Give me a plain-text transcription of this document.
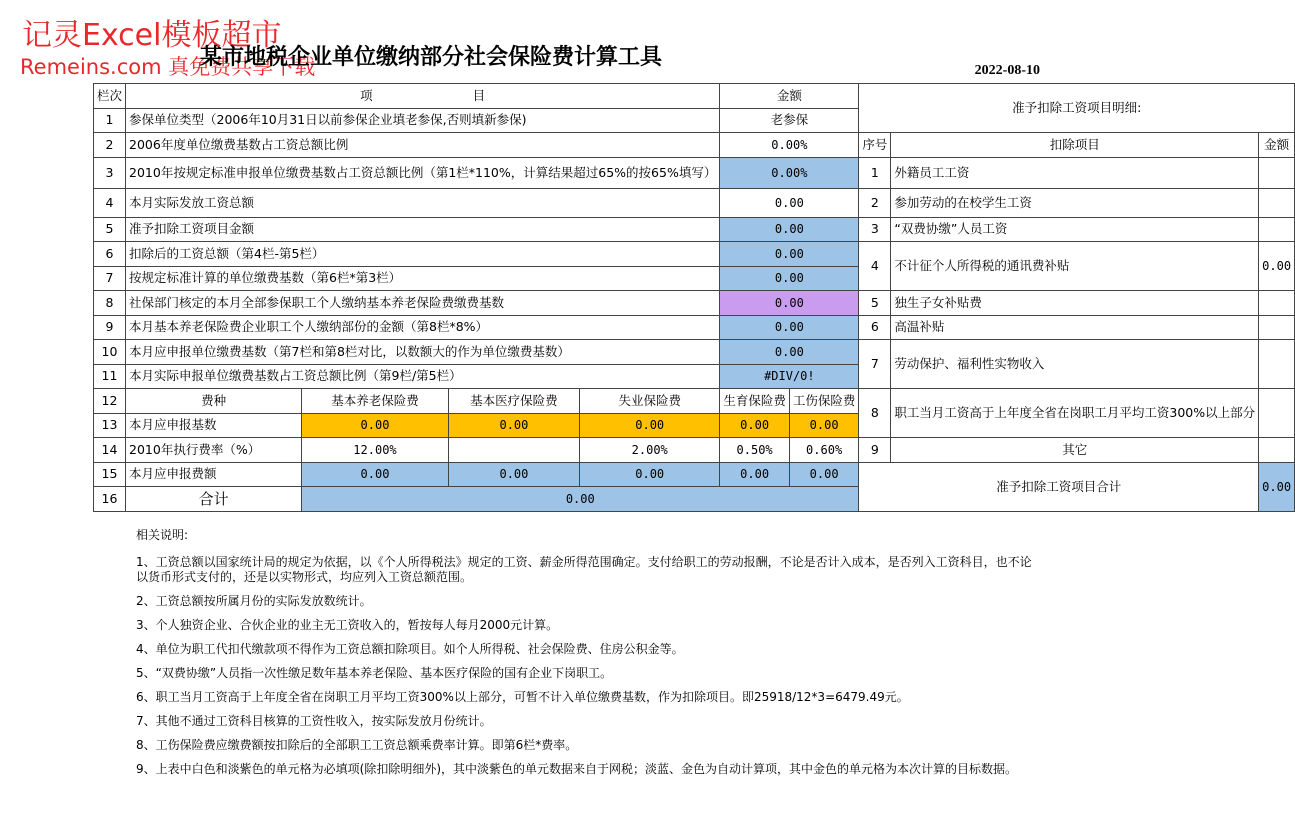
记灵Excel模板超市
Remeins.com 真免费共享下载
某市地税企业单位缴纳部分社会保险费计算工具
2022-08-10
栏次	项　　　　　　　　目				金额		准予扣除工资项目明细:		
1	参保单位类型（2006年10月31日以前参保企业填老参保,否则填新参保)				老参保				
2	2006年度单位缴费基数占工资总额比例				0.00%		序号	扣除项目	金额
3	2010年按规定标准申报单位缴费基数占工资总额比例（第1栏*110%，计算结果超过65%的按65%填写）				0.00%		1	外籍员工工资	
4	本月实际发放工资总额				0.00		2	参加劳动的在校学生工资	
5	准予扣除工资项目金额				0.00		3	“双费协缴”人员工资	
6	扣除后的工资总额（第4栏-第5栏）				0.00		4	不计征个人所得税的通讯费补贴	0.00
7	按规定标准计算的单位缴费基数（第6栏*第3栏）				0.00				
8	社保部门核定的本月全部参保职工个人缴纳基本养老保险费缴费基数				0.00		5	独生子女补贴费	
9	本月基本养老保险费企业职工个人缴纳部份的金额（第8栏*8%）				0.00		6	高温补贴	
10	本月应申报单位缴费基数（第7栏和第8栏对比，以数额大的作为单位缴费基数）				0.00		7	劳动保护、福利性实物收入	
11	本月实际申报单位缴费基数占工资总额比例（第9栏/第5栏）				#DIV/0!				
12	费种	基本养老保险费	基本医疗保险费	失业保险费	生育保险费	工伤保险费	8	职工当月工资高于上年度全省在岗职工月平均工资300%以上部分	
13	本月应申报基数	0.00	0.00	0.00	0.00	0.00			
14	2010年执行费率（%）	12.00%		2.00%	0.50%	0.60%	9	其它	
15	本月应申报费额	0.00	0.00	0.00	0.00	0.00	准予扣除工资项目合计		0.00
16	合计	0.00							

相关说明:

1、工资总额以国家统计局的规定为依据，以《个人所得税法》规定的工资、薪金所得范围确定。支付给职工的劳动报酬，不论是否计入成本，是否列入工资科目，也不论以货币形式支付的，还是以实物形式，均应列入工资总额范围。

2、工资总额按所属月份的实际发放数统计。

3、个人独资企业、合伙企业的业主无工资收入的，暂按每人每月2000元计算。

4、单位为职工代扣代缴款项不得作为工资总额扣除项目。如个人所得税、社会保险费、住房公积金等。

5、“双费协缴”人员指一次性缴足数年基本养老保险、基本医疗保险的国有企业下岗职工。

6、职工当月工资高于上年度全省在岗职工月平均工资300%以上部分，可暂不计入单位缴费基数，作为扣除项目。即25918/12*3=6479.49元。

7、其他不通过工资科目核算的工资性收入，按实际发放月份统计。

8、工伤保险费应缴费额按扣除后的全部职工工资总额乘费率计算。即第6栏*费率。

9、上表中白色和淡紫色的单元格为必填项(除扣除明细外)，其中淡紫色的单元数据来自于网税；淡蓝、金色为自动计算项，其中金色的单元格为本次计算的目标数据。
